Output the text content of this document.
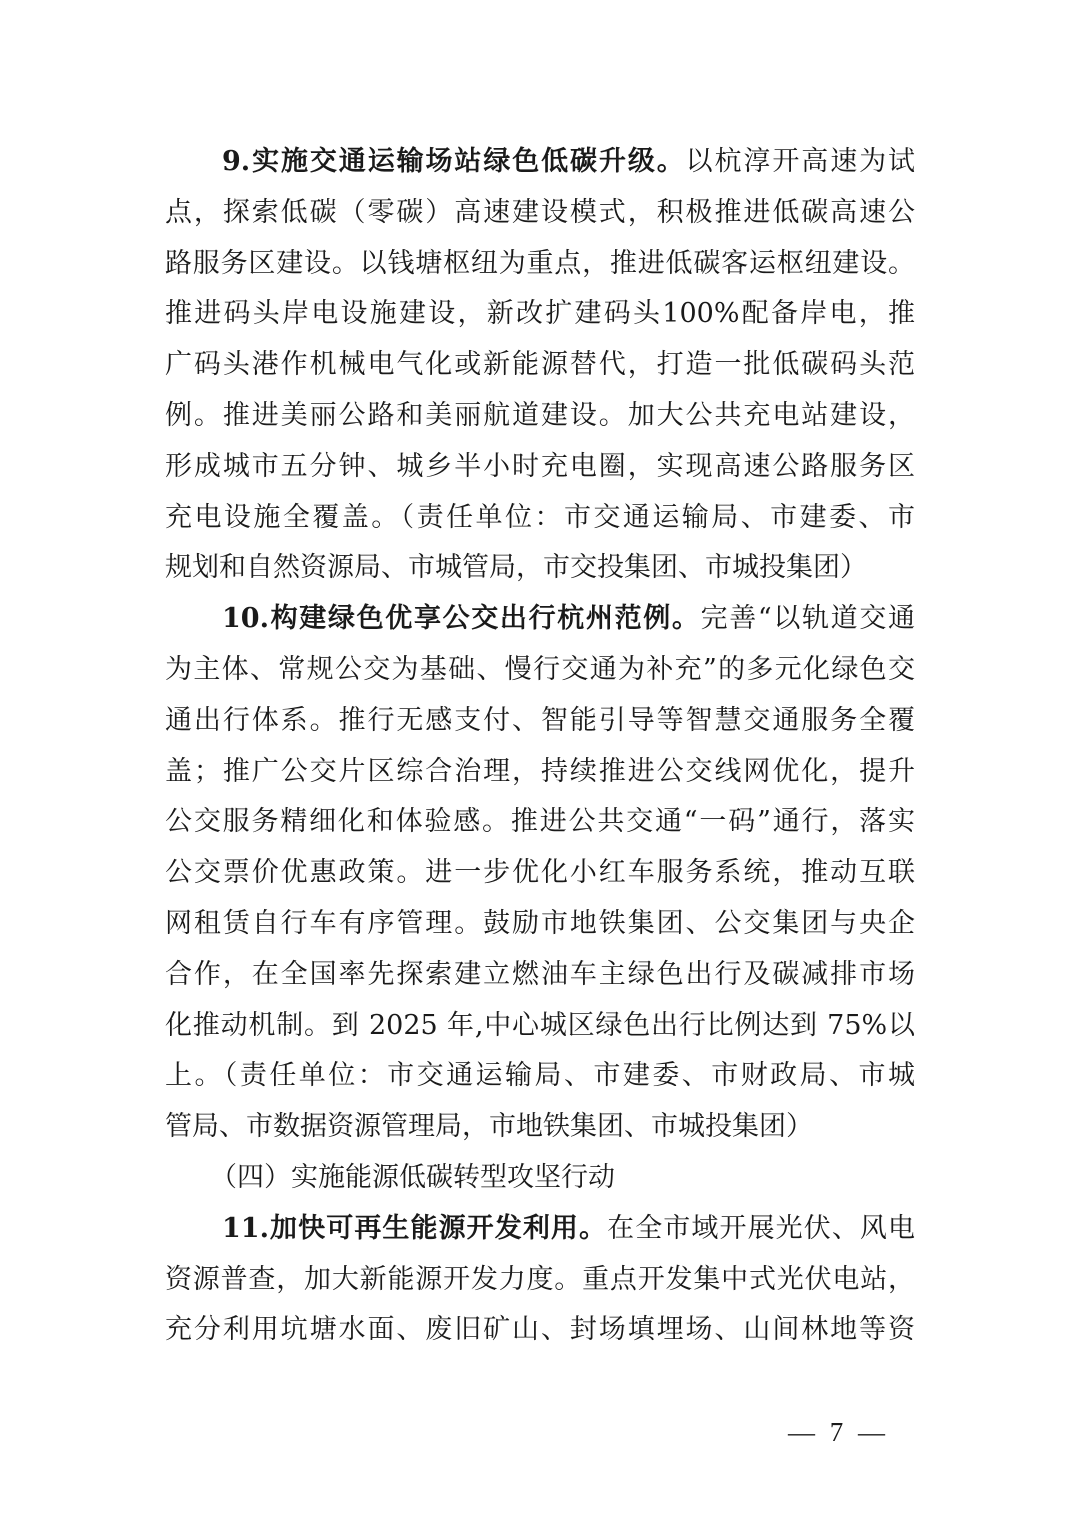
9.实施交通运输场站绿色低碳升级。以杭淳开高速为试
点，探索低碳（零碳）高速建设模式，积极推进低碳高速公
路服务区建设。以钱塘枢纽为重点，推进低碳客运枢纽建设。
推进码头岸电设施建设，新改扩建码头100%配备岸电，推
广码头港作机械电气化或新能源替代，打造一批低碳码头范
例。推进美丽公路和美丽航道建设。加大公共充电站建设，
形成城市五分钟、城乡半小时充电圈，实现高速公路服务区
充电设施全覆盖。（责任单位：市交通运输局、市建委、市
规划和自然资源局、市城管局，市交投集团、市城投集团）
10.构建绿色优享公交出行杭州范例。完善“以轨道交通
为主体、常规公交为基础、慢行交通为补充”的多元化绿色交
通出行体系。推行无感支付、智能引导等智慧交通服务全覆
盖；推广公交片区综合治理，持续推进公交线网优化，提升
公交服务精细化和体验感。推进公共交通“一码”通行，落实
公交票价优惠政策。进一步优化小红车服务系统，推动互联
网租赁自行车有序管理。鼓励市地铁集团、公交集团与央企
合作，在全国率先探索建立燃油车主绿色出行及碳减排市场
化推动机制。到 2025 年,中心城区绿色出行比例达到 75%以
上。（责任单位：市交通运输局、市建委、市财政局、市城
管局、市数据资源管理局，市地铁集团、市城投集团）
（四）实施能源低碳转型攻坚行动
11.加快可再生能源开发利用。在全市域开展光伏、风电
资源普查，加大新能源开发力度。重点开发集中式光伏电站，
充分利用坑塘水面、废旧矿山、封场填埋场、山间林地等资
— 7 —
